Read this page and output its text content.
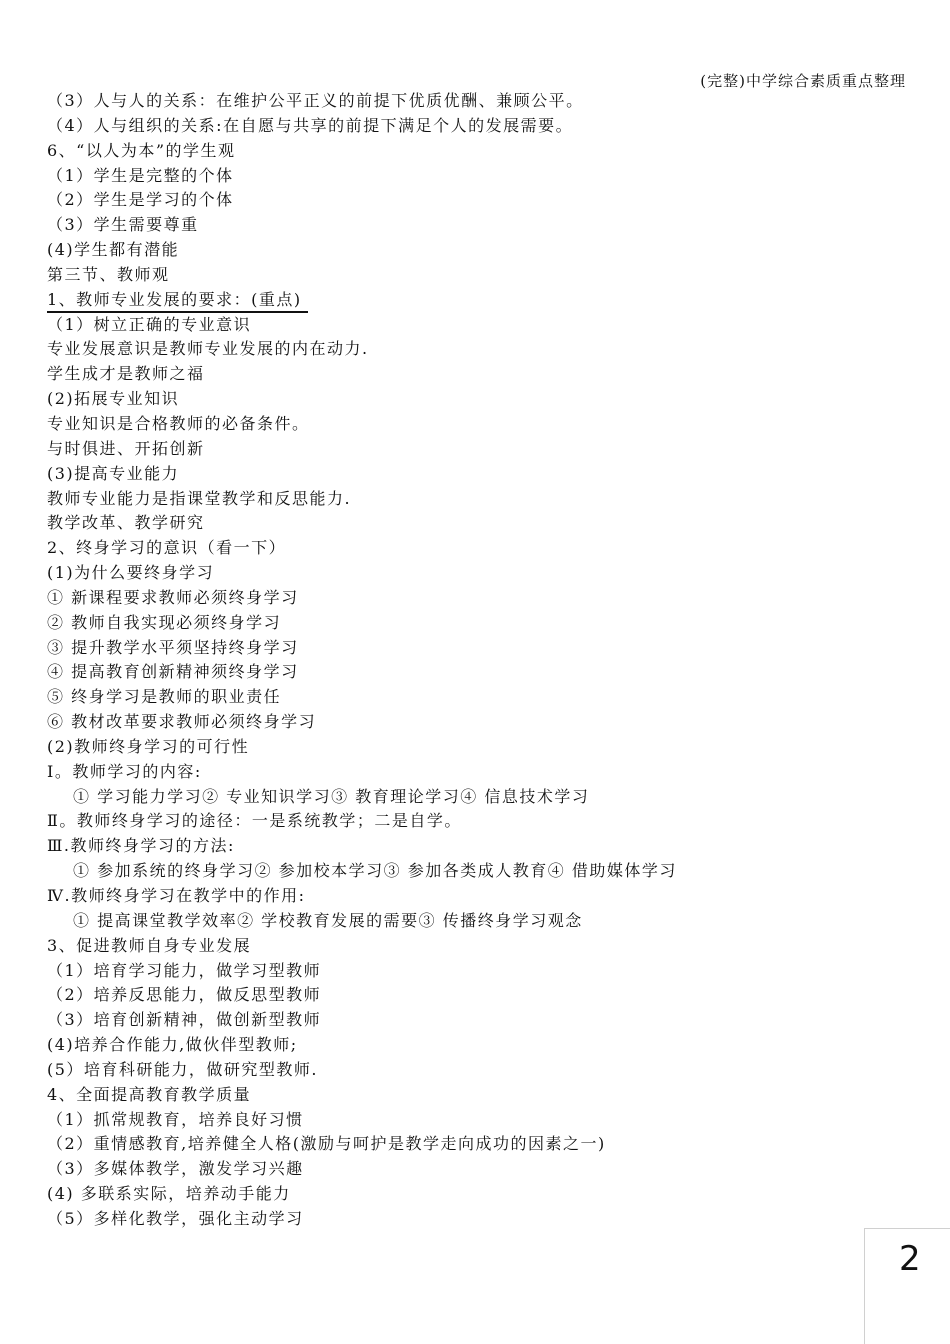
(完整)中学综合素质重点整理
（3）人与人的关系：在维护公平正义的前提下优质优酬、兼顾公平。
（4）人与组织的关系:在自愿与共享的前提下满足个人的发展需要。
6、“以人为本”的学生观
（1）学生是完整的个体
（2）学生是学习的个体
（3）学生需要尊重
(4)学生都有潜能
第三节、教师观
1、教师专业发展的要求：(重点)
（1）树立正确的专业意识
专业发展意识是教师专业发展的内在动力.
学生成才是教师之福
(2)拓展专业知识
专业知识是合格教师的必备条件。
与时俱进、开拓创新
(3)提高专业能力
教师专业能力是指课堂教学和反思能力.
教学改革、教学研究
2、终身学习的意识（看一下）
(1)为什么要终身学习
① 新课程要求教师必须终身学习
② 教师自我实现必须终身学习
③ 提升教学水平须坚持终身学习
④ 提高教育创新精神须终身学习
⑤ 终身学习是教师的职业责任
⑥ 教材改革要求教师必须终身学习
(2)教师终身学习的可行性
Ⅰ。教师学习的内容:
① 学习能力学习② 专业知识学习③ 教育理论学习④ 信息技术学习
Ⅱ。教师终身学习的途径：一是系统教学；二是自学。
Ⅲ.教师终身学习的方法:
① 参加系统的终身学习② 参加校本学习③ 参加各类成人教育④ 借助媒体学习
Ⅳ.教师终身学习在教学中的作用:
① 提高课堂教学效率② 学校教育发展的需要③ 传播终身学习观念
3、促进教师自身专业发展
（1）培育学习能力，做学习型教师
（2）培养反思能力，做反思型教师
（3）培育创新精神，做创新型教师
(4)培养合作能力,做伙伴型教师;
(5）培育科研能力，做研究型教师.
4、全面提高教育教学质量
（1）抓常规教育，培养良好习惯
（2）重情感教育,培养健全人格(激励与呵护是教学走向成功的因素之一)
（3）多媒体教学，激发学习兴趣
(4) 多联系实际，培养动手能力
（5）多样化教学，强化主动学习
2
